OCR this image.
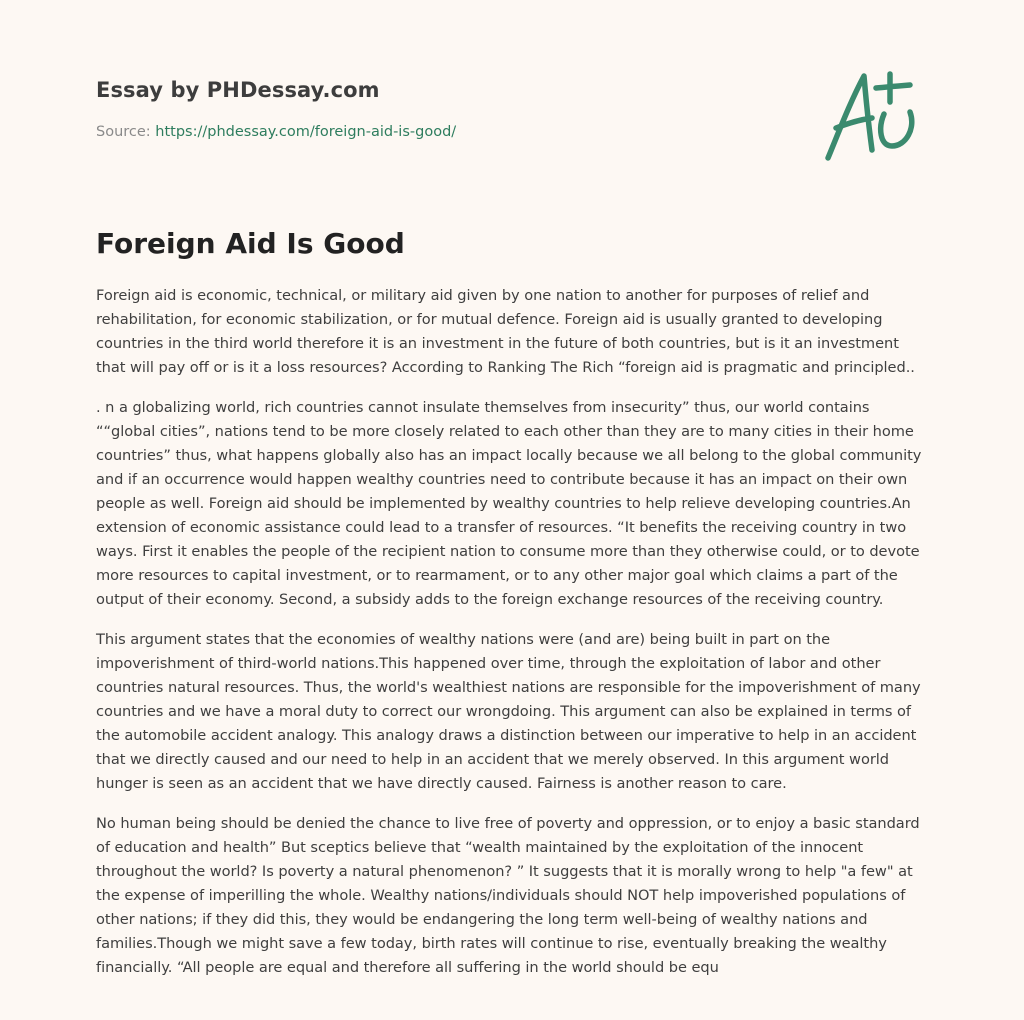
Essay by PHDessay.com
Source: https://phdessay.com/foreign-aid-is-good/
Foreign Aid Is Good

Foreign aid is economic, technical, or military aid given by one nation to another for purposes of relief and rehabilitation, for economic stabilization, or for mutual defence. Foreign aid is usually granted to developing countries in the third world therefore it is an investment in the future of both countries, but is it an investment that will pay off or is it a loss resources? According to Ranking The Rich “foreign aid is pragmatic and principled..

. n a globalizing world, rich countries cannot insulate themselves from insecurity” thus, our world contains ““global cities”, nations tend to be more closely related to each other than they are to many cities in their home countries” thus, what happens globally also has an impact locally because we all belong to the global community and if an occurrence would happen wealthy countries need to contribute because it has an impact on their own people as well. Foreign aid should be implemented by wealthy countries to help relieve developing countries.An extension of economic assistance could lead to a transfer of resources. “It benefits the receiving country in two ways. First it enables the people of the recipient nation to consume more than they otherwise could, or to devote more resources to capital investment, or to rearmament, or to any other major goal which claims a part of the output of their economy. Second, a subsidy adds to the foreign exchange resources of the receiving country.

This argument states that the economies of wealthy nations were (and are) being built in part on the impoverishment of third-world nations.This happened over time, through the exploitation of labor and other countries natural resources. Thus, the world's wealthiest nations are responsible for the impoverishment of many countries and we have a moral duty to correct our wrongdoing. This argument can also be explained in terms of the automobile accident analogy. This analogy draws a distinction between our imperative to help in an accident that we directly caused and our need to help in an accident that we merely observed. In this argument world hunger is seen as an accident that we have directly caused. Fairness is another reason to care.

No human being should be denied the chance to live free of poverty and oppression, or to enjoy a basic standard of education and health” But sceptics believe that “wealth maintained by the exploitation of the innocent throughout the world? Is poverty a natural phenomenon? ” It suggests that it is morally wrong to help "a few" at the expense of imperilling the whole. Wealthy nations/individuals should NOT help impoverished populations of other nations; if they did this, they would be endangering the long term well-being of wealthy nations and families.Though we might save a few today, birth rates will continue to rise, eventually breaking the wealthy financially. “All people are equal and therefore all suffering in the world should be equ
